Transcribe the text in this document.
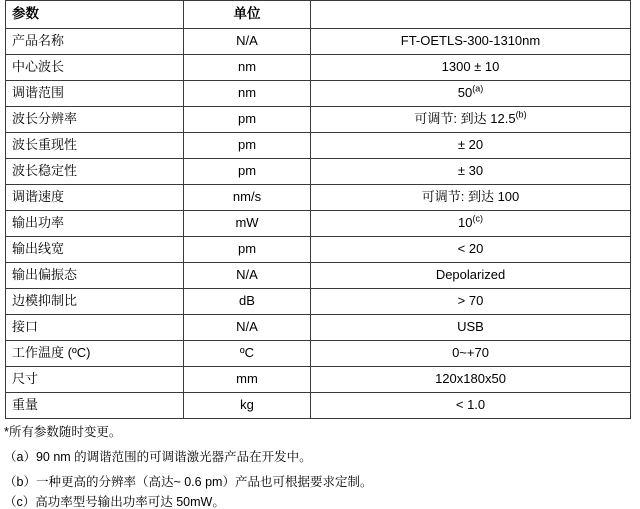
参数	单位	
产品名称	N/A	FT-OETLS-300-1310nm
中心波长	nm	1300 ± 10
调谐范围	nm	50$^{(a)}$
波长分辨率	pm	可调节: 到达 12.5$^{(b)}$
波长重现性	pm	± 20
波长稳定性	pm	± 30
调谐速度	nm/s	可调节: 到达 100
输出功率	mW	10$^{(c)}$
输出线宽	pm	< 20
输出偏振态	N/A	Depolarized
边模抑制比	dB	> 70
接口	N/A	USB
工作温度 (ºC)	ºC	0~+70
尺寸	mm	120x180x50
重量	kg	< 1.0

*所有参数随时变更。

（a）90 nm 的调谐范围的可调谐激光器产品在开发中。

（b）一种更高的分辨率（高达~ 0.6 pm）产品也可根据要求定制。

（c）高功率型号输出功率可达 50mW。
